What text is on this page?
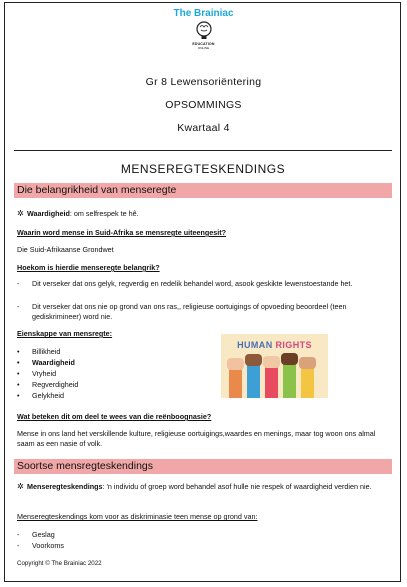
The Brainiac
EDUCATION
ONLINE
Gr 8 Lewensoriëntering
OPSOMMINGS
Kwartaal 4
MENSEREGTESKENDINGS
Die belangrikheid van menseregte
✲ Waardigheid: om selfrespek te hê.
Waarin word mense in Suid-Afrika se mensregte uiteengesit?
Die Suid-Afrikaanse Grondwet
Hoekom is hierdie menseregte belangrik?
-	Dit verseker dat ons gelyk, regverdig en redelik behandel word, asook geskikte lewenstoestande het.
-	Dit verseker dat ons nie op grond van ons ras,, religieuse oortuigings of opvoeding beoordeel (teen gediskrimineer) word nie.
Eienskappe van mensregte:
• Billikheid
• Waardigheid
• Vryheid
• Regverdigheid
• Gelykheid
HUMAN RIGHTS
Wat beteken dit om deel te wees van die reënboognasie?
Mense in ons land het verskillende kulture, religieuse oortuigings,waardes en menings, maar tog woon ons almal saam as een nasie of volk.
Soortse mensregteskendings
✲ Menseregteskendings: 'n individu of groep word behandel asof hulle nie respek of waardigheid verdien nie.
Menseregteskendings kom voor as diskriminasie teen mense op grond van:
-	Geslag
-	Voorkoms
Copyright © The Brainiac 2022
